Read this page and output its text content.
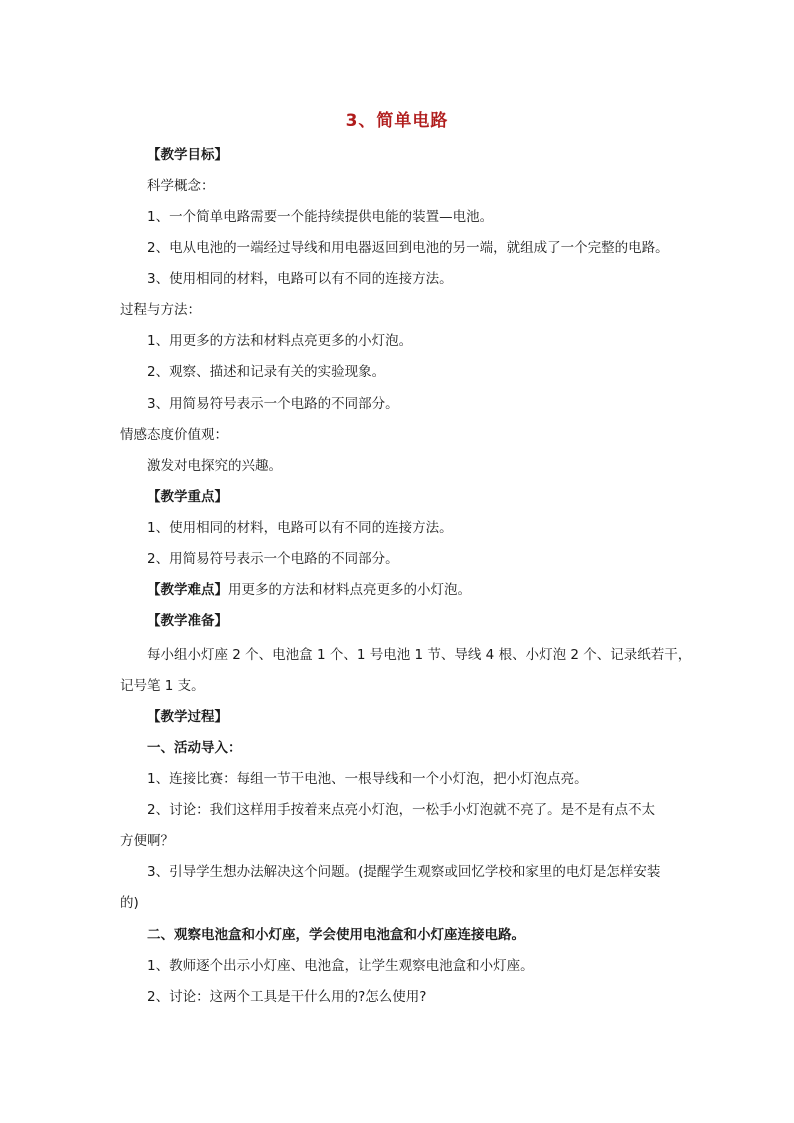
3、简单电路
【教学目标】
科学概念：
1、一个简单电路需要一个能持续提供电能的装置—电池。
2、电从电池的一端经过导线和用电器返回到电池的另一端，就组成了一个完整的电路。
3、使用相同的材料，电路可以有不同的连接方法。
过程与方法：
1、用更多的方法和材料点亮更多的小灯泡。
2、观察、描述和记录有关的实验现象。
3、用简易符号表示一个电路的不同部分。
情感态度价值观：
激发对电探究的兴趣。
【教学重点】
1、使用相同的材料，电路可以有不同的连接方法。
2、用简易符号表示一个电路的不同部分。
【教学难点】用更多的方法和材料点亮更多的小灯泡。
【教学准备】
每小组小灯座 2 个、电池盒 1 个、1 号电池 1 节、导线 4 根、小灯泡 2 个、记录纸若干，
记号笔 1 支。
【教学过程】
一、活动导入：
1、连接比赛：每组一节干电池、一根导线和一个小灯泡，把小灯泡点亮。
2、讨论：我们这样用手按着来点亮小灯泡，一松手小灯泡就不亮了。是不是有点不太
方便啊？
3、引导学生想办法解决这个问题。(提醒学生观察或回忆学校和家里的电灯是怎样安装
的)
二、观察电池盒和小灯座，学会使用电池盒和小灯座连接电路。
1、教师逐个出示小灯座、电池盒，让学生观察电池盒和小灯座。
2、讨论：这两个工具是干什么用的?怎么使用?
